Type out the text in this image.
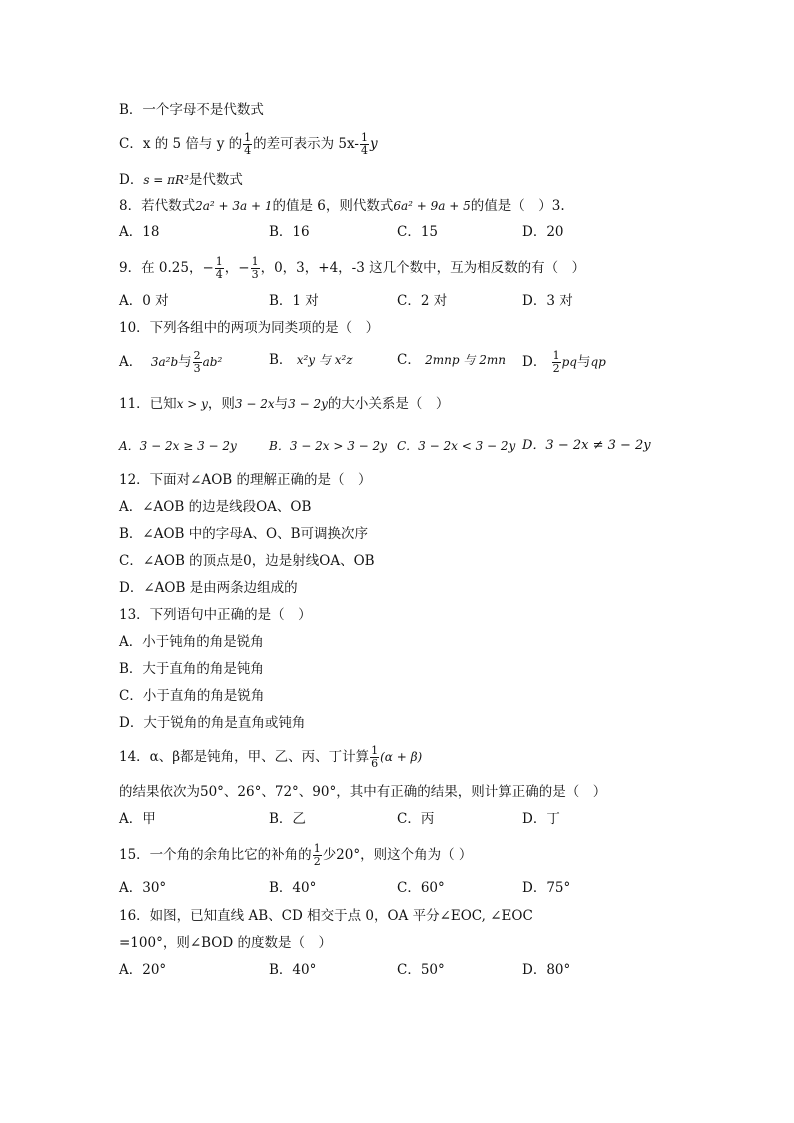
B．一个字母不是代数式
C．x 的 5 倍与 y 的 $\frac{1}{4}$ 的差可表示为 $5x- \frac{1}{4}$ y
D．s = πR²是代数式
8．若代数式2a² + 3a + 1的值是 6，则代数式6a² + 9a + 5的值是（　）3.
A．18	B．16	C．15	D．20
9．在 0.25，− $\frac{1}{4}$ ，− $\frac{1}{3}$ ，0，3，+4，-3 这几个数中，互为相反数的有（　）
A．0 对	B．1 对	C．2 对	D．3 对
10．下列各组中的两项为同类项的是（　）
A． 3a²b与 $\frac{2}{3} ab^2$	B． x²y 与 x²z	C． 2mnp 与 2mn D． $\frac{1}{2}$ pq与qp
11．已知x > y，则3 − 2x与3 − 2y的大小关系是（　）
A．3 − 2x ≥ 3 − 2y	B．3 − 2x > 3 − 2y C．3 − 2x < 3 − 2y D．3 − 2x ≠ 3 − 2y
12．下面对∠AOB 的理解正确的是（　）
A．∠AOB 的边是线段OA、OB
B．∠AOB 中的字母A、O、B可调换次序
C．∠AOB 的顶点是0，边是射线OA、OB
D．∠AOB 是由两条边组成的
13．下列语句中正确的是（　）
A．小于钝角的角是锐角
B．大于直角的角是钝角
C．小于直角的角是锐角
D．大于锐角的角是直角或钝角
14．α、β都是钝角，甲、乙、丙、丁计算 $\frac{1}{6} (\alpha + \beta)$
的结果依次为50°、26°、72°、90°，其中有正确的结果，则计算正确的是（　）
A．甲	B．乙	C．丙	D．丁
15．一个角的余角比它的补角的 $\frac{1}{2}$ 少20°，则这个角为（ ）
A．30°	B．40°	C．60°	D．75°
16．如图，已知直线 AB、CD 相交于点 0，OA 平分∠EOC, ∠EOC
=100°，则∠BOD 的度数是（　）
A．20°	B．40°	C．50°	D．80°
